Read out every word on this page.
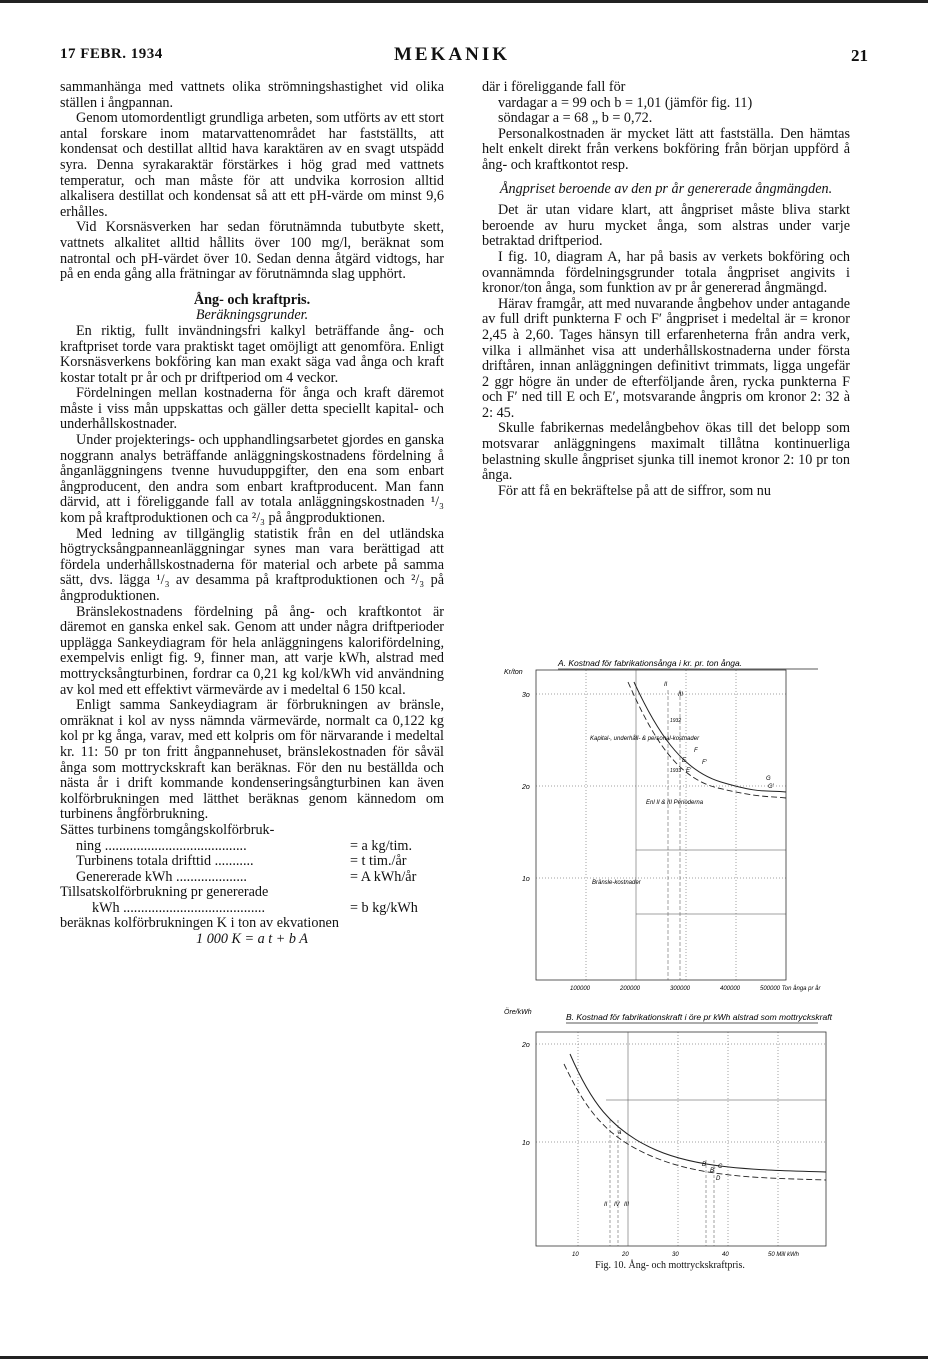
17 FEBR. 1934	MEKANIK	21

sammanhänga med vattnets olika strömningshastighet vid olika ställen i ångpannan.

Genom utomordentligt grundliga arbeten, som utförts av ett stort antal forskare inom matarvattenområdet har fastställts, att kondensat och destillat alltid hava karaktären av en svagt utspädd syra. Denna syrakaraktär förstärkes i hög grad med vattnets temperatur, och man måste för att undvika korrosion alltid alkalisera destillat och kondensat så att ett pH-värde om minst 9,6 erhålles.

Vid Korsnäsverken har sedan förutnämnda tubutbyte skett, vattnets alkalitet alltid hållits över 100 mg/l, beräknat som natrontal och pH-värdet över 10. Sedan denna åtgärd vidtogs, har på en enda gång alla frätningar av förutnämnda slag upphört.

Ång- och kraftpris.

Beräkningsgrunder.

En riktig, fullt invändningsfri kalkyl beträffande ång- och kraftpriset torde vara praktiskt taget omöjligt att genomföra. Enligt Korsnäsverkens bokföring kan man exakt säga vad ånga och kraft kostar totalt pr år och pr driftperiod om 4 veckor.

Fördelningen mellan kostnaderna för ånga och kraft däremot måste i viss mån uppskattas och gäller detta speciellt kapital- och underhållskostnader.

Under projekterings- och upphandlingsarbetet gjordes en ganska noggrann analys beträffande anläggningskostnadens fördelning å ånganläggningens tvenne huvuduppgifter, den ena som enbart ångproducent, den andra som enbart kraftproducent. Man fann därvid, att i föreliggande fall av totala anläggningskostnaden ¹/₃ kom på kraftproduktionen och ca ²/₃ på ångproduktionen.

Med ledning av tillgänglig statistik från en del utländska högtrycksångpanneanläggningar synes man vara berättigad att fördela underhållskostnaderna för material och arbete på samma sätt, dvs. lägga ¹/₃ av desamma på kraftproduktionen och ²/₃ på ångproduktionen.

Bränslekostnadens fördelning på ång- och kraftkontot är däremot en ganska enkel sak. Genom att under några driftperioder upplägga Sankeydiagram för hela anläggningens kalorifördelning, exempelvis enligt fig. 9, finner man, att varje kWh, alstrad med mottrycksångturbinen, fordrar ca 0,21 kg kol/kWh vid användning av kol med ett effektivt värmevärde av i medeltal 6 150 kcal.

Enligt samma Sankeydiagram är förbrukningen av bränsle, omräknat i kol av nyss nämnda värmevärde, normalt ca 0,122 kg kol pr kg ånga, varav, med ett kolpris om för närvarande i medeltal kr. 11: 50 pr ton fritt ångpannehuset, bränslekostnaden för såväl ånga som mottryckskraft kan beräknas. För den nu beställda och nästa år i drift kommande kondenseringsångturbinen kan även kolförbrukningen med lätthet beräknas genom kännedom om turbinens ångförbrukning.

Sättes turbinens tomgångskolförbruk-

ning ........................................	= a kg/tim.

Turbinens totala drifttid ...........	= t tim./år

Genererade kWh ....................	= A kWh/år

Tillsatskolförbrukning pr genererade

kWh ........................................	= b kg/kWh

beräknas kolförbrukningen K i ton av ekvationen

1 000 K = a t + b A

där i föreliggande fall för

vardagar a = 99 och b = 1,01 (jämför fig. 11)

söndagar a = 68 „ b = 0,72.

Personalkostnaden är mycket lätt att fastställa. Den hämtas helt enkelt direkt från verkens bokföring från början uppförd å ång- och kraftkontot resp.

Ångpriset beroende av den pr år genererade ångmängden.

Det är utan vidare klart, att ångpriset måste bliva starkt beroende av huru mycket ånga, som alstras under varje betraktad driftperiod.

I fig. 10, diagram A, har på basis av verkets bokföring och ovannämnda fördelningsgrunder totala ångpriset angivits i kronor/ton ånga, som funktion av pr år genererad ångmängd.

Härav framgår, att med nuvarande ångbehov under antagande av full drift punkterna F och F′ ångpriset i medeltal är = kronor 2,45 à 2,60. Tages hänsyn till erfarenheterna från andra verk, vilka i allmänhet visa att underhållskostnaderna under första driftåren, innan anläggningen definitivt trimmats, ligga ungefär 2 ggr högre än under de efterföljande åren, rycka punkterna F och F′ ned till E och E′, motsvarande ångpris om kronor 2: 32 à 2: 45.

Skulle fabrikernas medelångbehov ökas till det belopp som motsvarar anläggningens maximalt tillåtna kontinuerliga belastning skulle ångpriset sjunka till inemot kronor 2: 10 pr ton ånga.

För att få en bekräftelse på att de siffror, som nu

A. Kostnad för fabrikationsånga i kr. pr. ton ånga.
Kr/ton
3o
2o
1o
100000	200000	300000	400000	500000 Ton ånga pr år
Kapital-, underhåll- & personal-kostnader
Bränsle-kostnader
Enl II & III Perioderna
F
F′
E
E′
G
G′
II
III
1932
1933
B. Kostnad för fabrikationskraft i öre pr kWh alstrad som mottryckskraft
Öre/kWh
2o
1o
10	20	30	40	50 Mill kWh
a
B
B′
C
D
II IV III
Fig. 10. Ång- och mottryckskraftpris.
